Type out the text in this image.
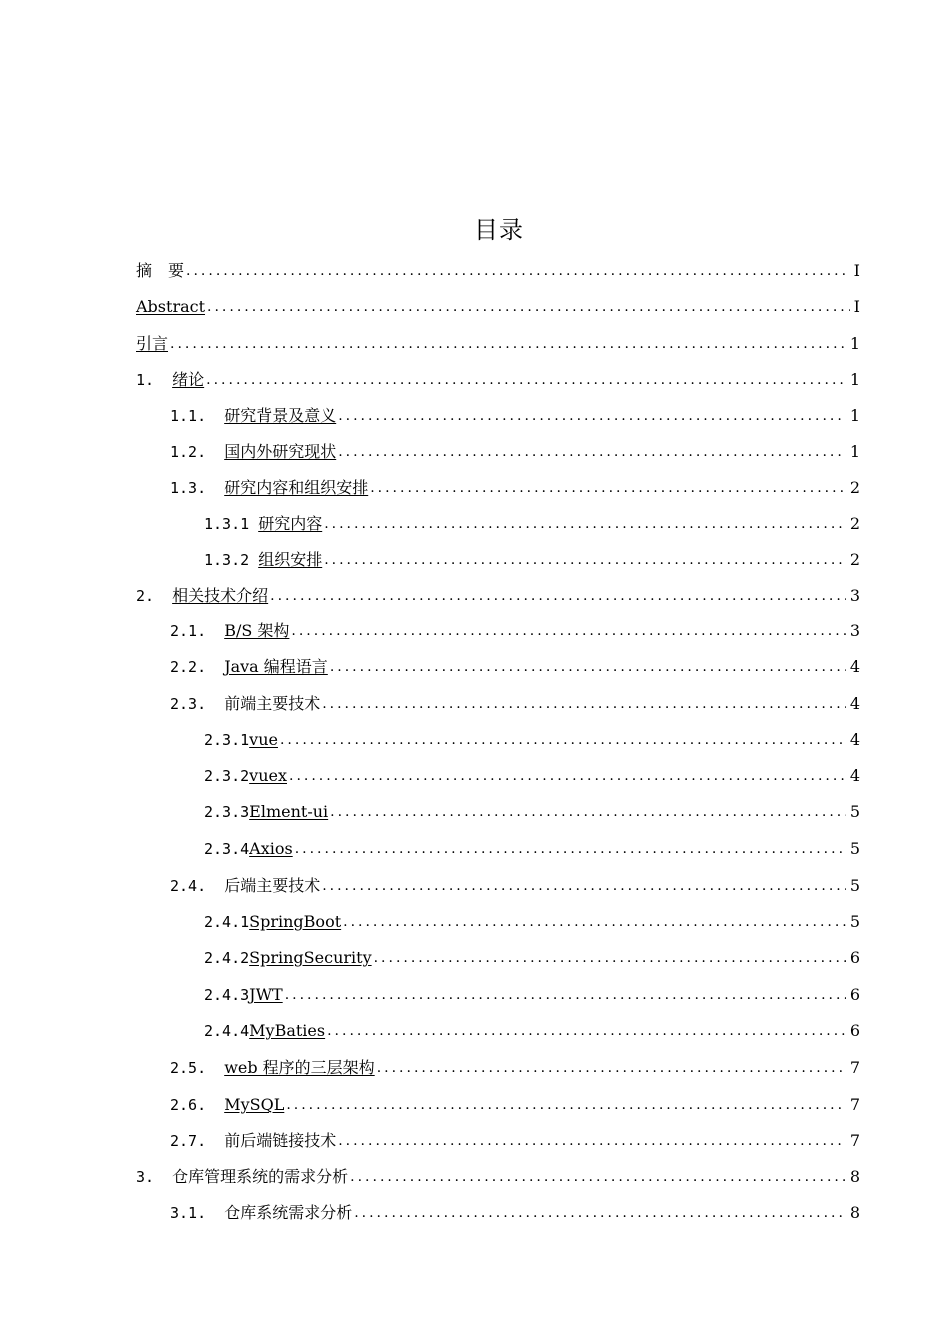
目录
摘　要 .....	I
Abstract .....	I
引言 .....	1
1. 绪论 .....	1
1.1. 研究背景及意义 .....	1
1.2. 国内外研究现状 .....	1
1.3. 研究内容和组织安排 .....	2
1.3.1 研究内容 .....	2
1.3.2 组织安排 .....	2
2. 相关技术介绍 .....	3
2.1. B/S 架构 .....	3
2.2. Java 编程语言 .....	4
2.3. 前端主要技术 .....	4
2.3.1 vue .....	4
2.3.2 vuex .....	4
2.3.3 Elment-ui .....	5
2.3.4 Axios .....	5
2.4. 后端主要技术 .....	5
2.4.1 SpringBoot .....	5
2.4.2 SpringSecurity .....	6
2.4.3 JWT .....	6
2.4.4 MyBaties .....	6
2.5. web 程序的三层架构 .....	7
2.6. MySQL .....	7
2.7. 前后端链接技术 .....	7
3. 仓库管理系统的需求分析 .....	8
3.1. 仓库系统需求分析 .....	8
